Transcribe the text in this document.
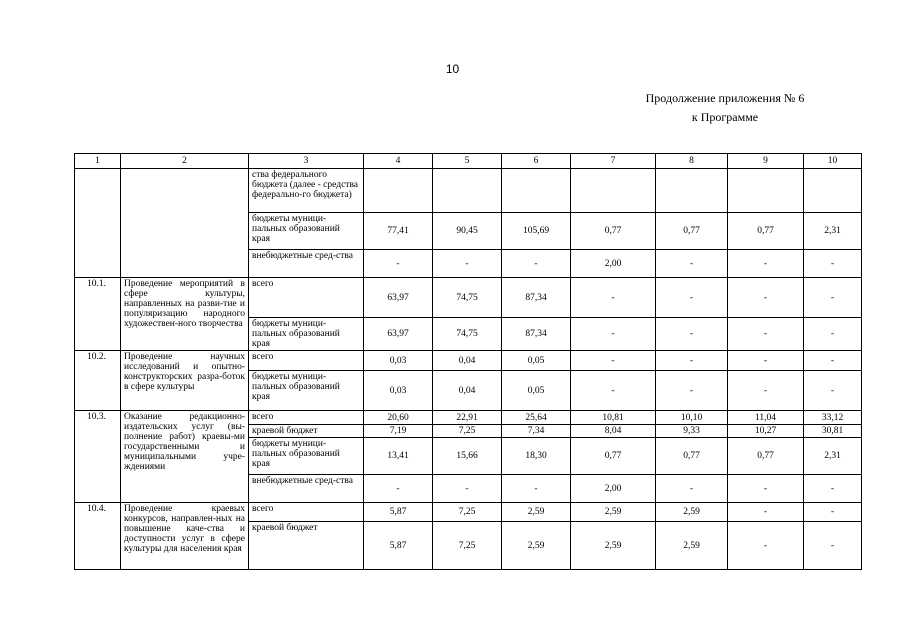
10
Продолжение приложения № 6
к Программе
1	2	3	4	5	6	7	8	9	10
		ства федерального бюджета (далее - средства федерально-го бюджета)							
		бюджеты муници-пальных образований края	77,41	90,45	105,69	0,77	0,77	0,77	2,31
		внебюджетные сред-ства	-	-	-	2,00	-	-	-
10.1.	Проведение мероприятий в сфере культуры, направленных на разви-тие и популяризацию народного художествен-ного творчества	всего	63,97	74,75	87,34	-	-	-	-
		бюджеты муници-пальных образований края	63,97	74,75	87,34	-	-	-	-
10.2.	Проведение научных исследований и опытно-конструкторских разра-боток в сфере культуры	всего	0,03	0,04	0,05	-	-	-	-
		бюджеты муници-пальных образований края	0,03	0,04	0,05	-	-	-	-
10.3.	Оказание редакционно-издательских услуг (вы-полнение работ) краевы-ми государственными и муниципальными учре-ждениями	всего	20,60	22,91	25,64	10,81	10,10	11,04	33,12
		краевой бюджет	7,19	7,25	7,34	8,04	9,33	10,27	30,81
		бюджеты муници-пальных образований края	13,41	15,66	18,30	0,77	0,77	0,77	2,31
		внебюджетные сред-ства	-	-	-	2,00	-	-	-
10.4.	Проведение краевых конкурсов, направлен-ных на повышение каче-ства и доступности услуг в сфере культуры для населения края	всего	5,87	7,25	2,59	2,59	2,59	-	-
		краевой бюджет	5,87	7,25	2,59	2,59	2,59	-	-
